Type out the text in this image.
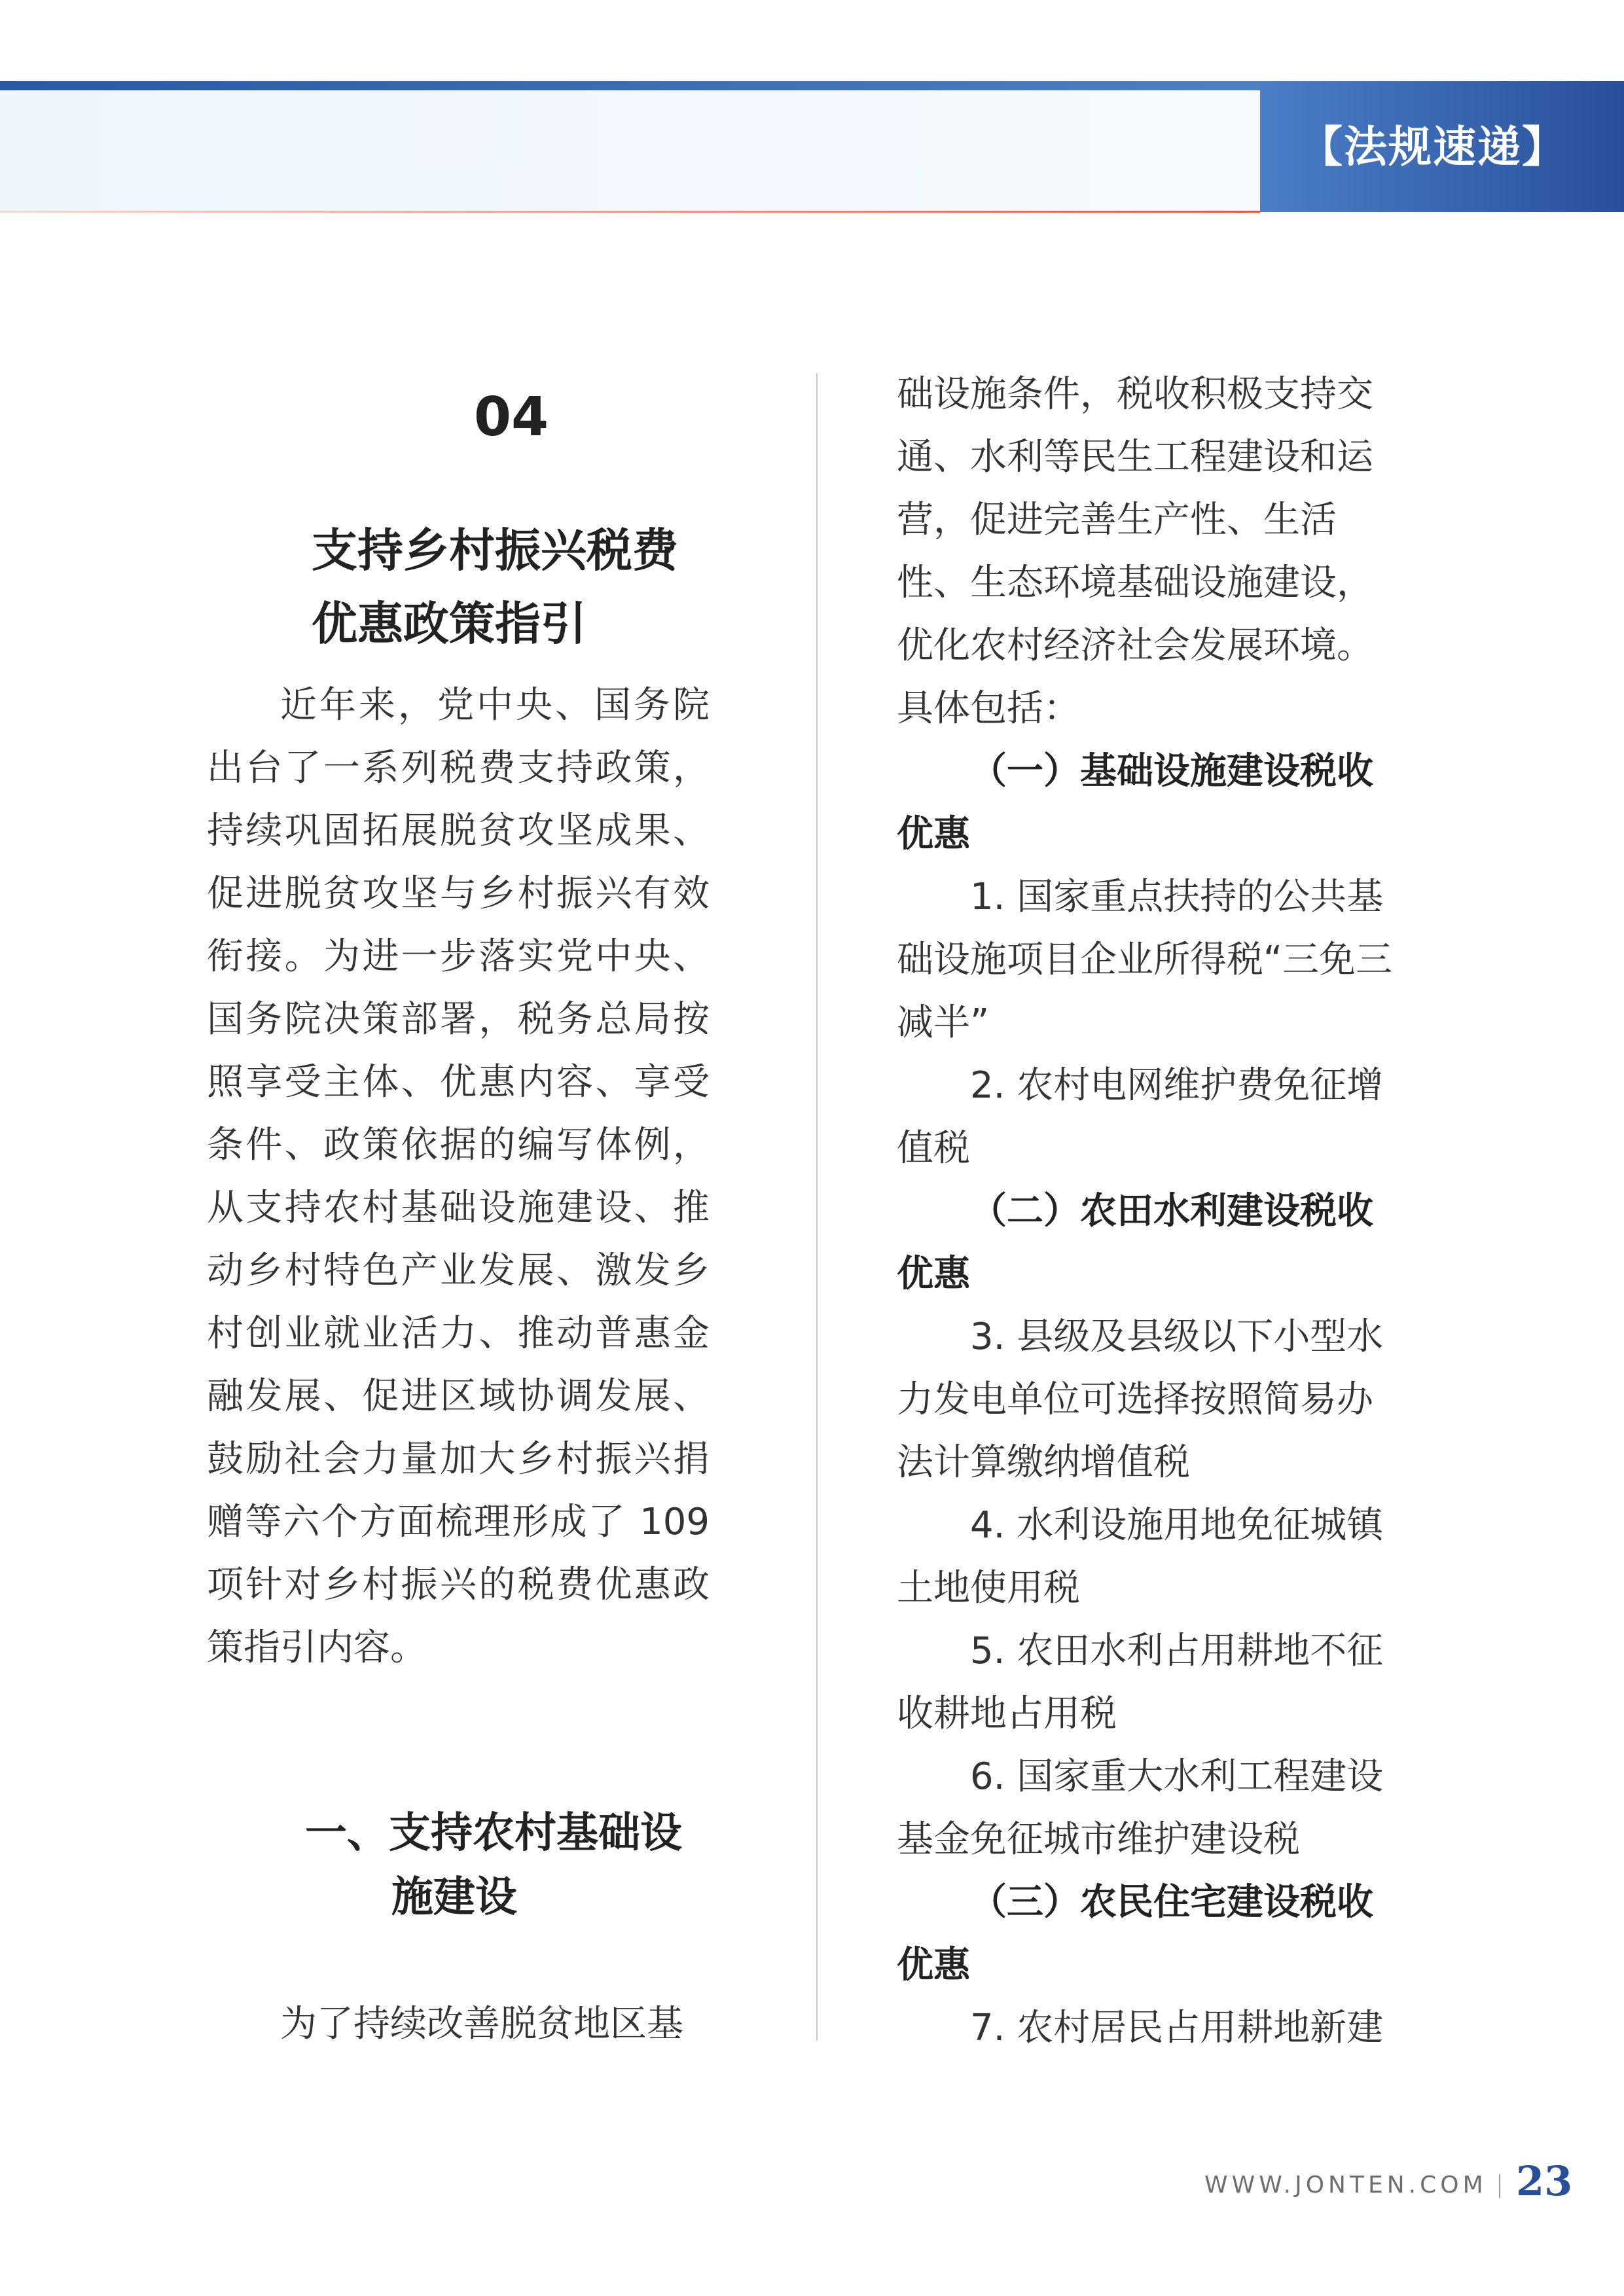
【法规速递】
04
支持乡村振兴税费
优惠政策指引

近年来，党中央、国务院出台了一系列税费支持政策，持续巩固拓展脱贫攻坚成果、促进脱贫攻坚与乡村振兴有效衔接。为进一步落实党中央、国务院决策部署，税务总局按照享受主体、优惠内容、享受条件、政策依据的编写体例，从支持农村基础设施建设、推动乡村特色产业发展、激发乡村创业就业活力、推动普惠金融发展、促进区域协调发展、鼓励社会力量加大乡村振兴捐赠等六个方面梳理形成了 109 项针对乡村振兴的税费优惠政策指引内容。

一、支持农村基础设
施建设

为了持续改善脱贫地区基

础设施条件，税收积极支持交通、水利等民生工程建设和运营，促进完善生产性、生活性、生态环境基础设施建设，优化农村经济社会发展环境。具体包括：

（一）基础设施建设税收优惠

1. 国家重点扶持的公共基础设施项目企业所得税“三免三减半”

2. 农村电网维护费免征增值税

（二）农田水利建设税收优惠

3. 县级及县级以下小型水力发电单位可选择按照简易办法计算缴纳增值税

4. 水利设施用地免征城镇土地使用税

5. 农田水利占用耕地不征收耕地占用税

6. 国家重大水利工程建设基金免征城市维护建设税

（三）农民住宅建设税收优惠

7. 农村居民占用耕地新建

WWW.JONTEN.COM 23
